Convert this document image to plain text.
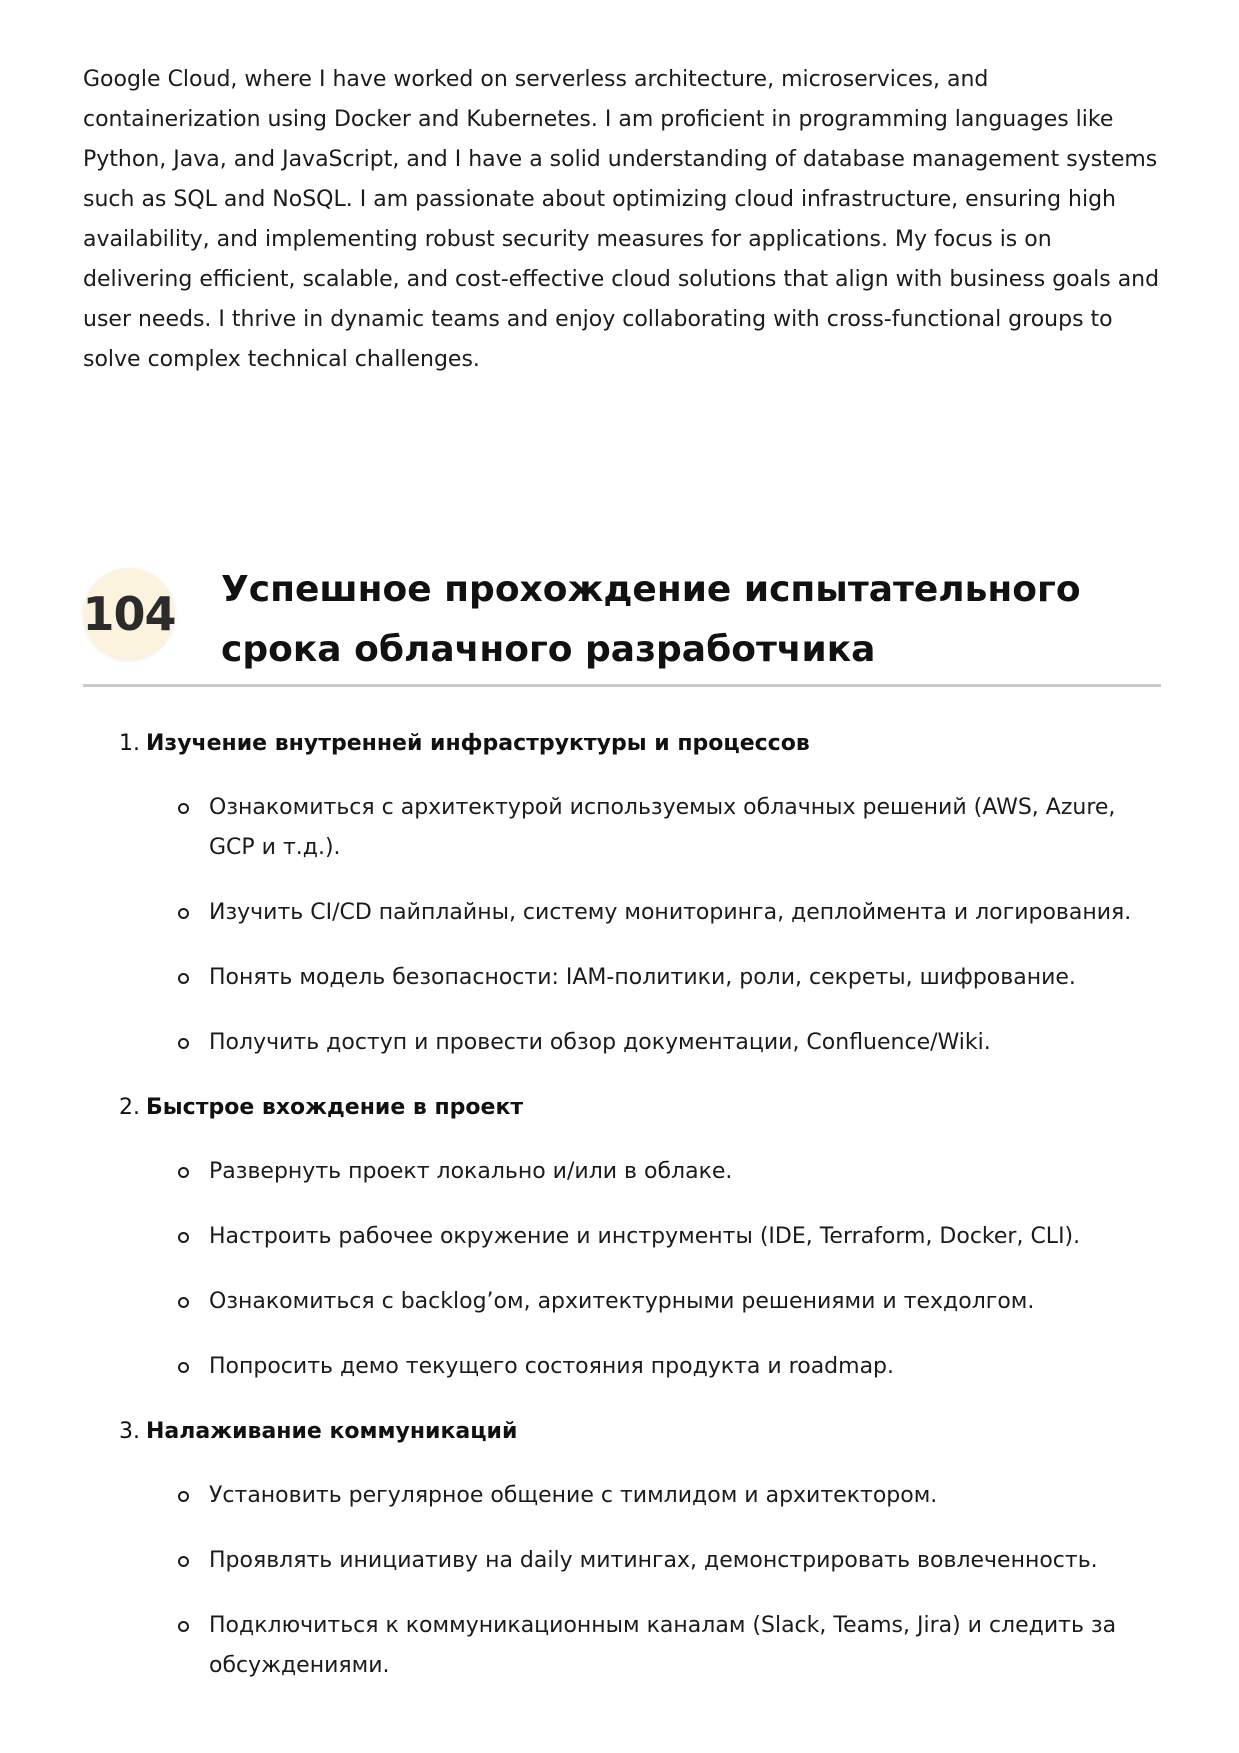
Google Cloud, where I have worked on serverless architecture, microservices, and containerization using Docker and Kubernetes. I am proficient in programming languages like Python, Java, and JavaScript, and I have a solid understanding of database management systems such as SQL and NoSQL. I am passionate about optimizing cloud infrastructure, ensuring high availability, and implementing robust security measures for applications. My focus is on delivering efficient, scalable, and cost-effective cloud solutions that align with business goals and user needs. I thrive in dynamic teams and enjoy collaborating with cross-functional groups to solve complex technical challenges.

104 Успешное прохождение испытательного срока облачного разработчика
1. Изучение внутренней инфраструктуры и процессов
Ознакомиться с архитектурой используемых облачных решений (AWS, Azure, GCP и т.д.).
Изучить CI/CD пайплайны, систему мониторинга, деплоймента и логирования.
Понять модель безопасности: IAM-политики, роли, секреты, шифрование.
Получить доступ и провести обзор документации, Confluence/Wiki.
2. Быстрое вхождение в проект
Развернуть проект локально и/или в облаке.
Настроить рабочее окружение и инструменты (IDE, Terraform, Docker, CLI).
Ознакомиться с backlog’ом, архитектурными решениями и техдолгом.
Попросить демо текущего состояния продукта и roadmap.
3. Налаживание коммуникаций
Установить регулярное общение с тимлидом и архитектором.
Проявлять инициативу на daily митингах, демонстрировать вовлеченность.
Подключиться к коммуникационным каналам (Slack, Teams, Jira) и следить за обсуждениями.
